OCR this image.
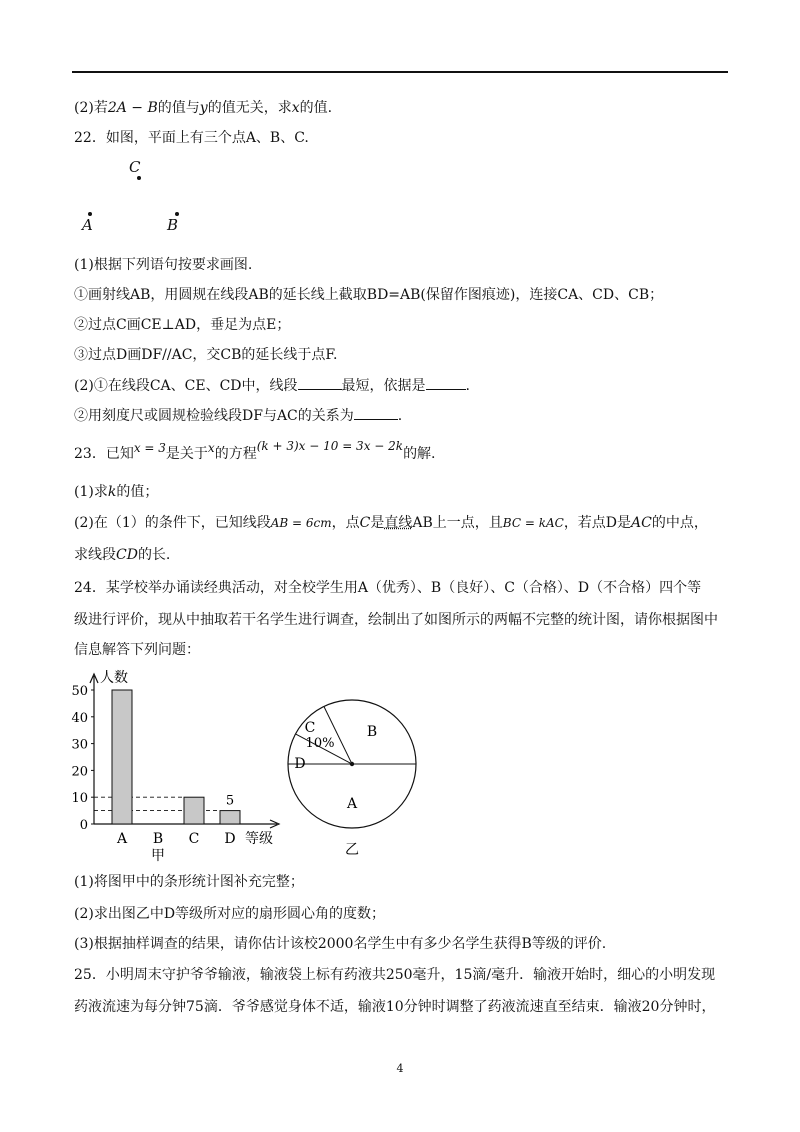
(2)若2A − B的值与y的值无关，求x的值.
22．如图，平面上有三个点A、B、C.
C
A	B
(1)根据下列语句按要求画图.
①画射线AB，用圆规在线段AB的延长线上截取BD=AB(保留作图痕迹)，连接CA、CD、CB；
②过点C画CE⊥AD，垂足为点E；
③过点D画DF//AC，交CB的延长线于点F.
(2)①在线段CA、CE、CD中，线段	最短，依据是	.
②用刻度尺或圆规检验线段DF与AC的关系为	.
23．已知x = 3是关于x的方程(k + 3)x − 10 = 3x − 2k的解.
(1)求k的值；
(2)在（1）的条件下，已知线段AB = 6cm，点C是直线AB上一点，且BC = kAC，若点D是AC的中点，
求线段CD的长.
24．某学校举办诵读经典活动，对全校学生用A（优秀）、B（良好）、C（合格）、D（不合格）四个等
级进行评价，现从中抽取若干名学生进行调查，绘制出了如图所示的两幅不完整的统计图，请你根据图中
信息解答下列问题：
人数
等级
0
10
20
30
40
50
A B C D
5
甲
A
B
C
10%
D
乙
(1)将图甲中的条形统计图补充完整；
(2)求出图乙中D等级所对应的扇形圆心角的度数；
(3)根据抽样调查的结果，请你估计该校2000名学生中有多少名学生获得B等级的评价.
25．小明周末守护爷爷输液，输液袋上标有药液共250毫升，15滴/毫升．输液开始时，细心的小明发现
药液流速为每分钟75滴．爷爷感觉身体不适，输液10分钟时调整了药液流速直至结束．输液20分钟时，
4
